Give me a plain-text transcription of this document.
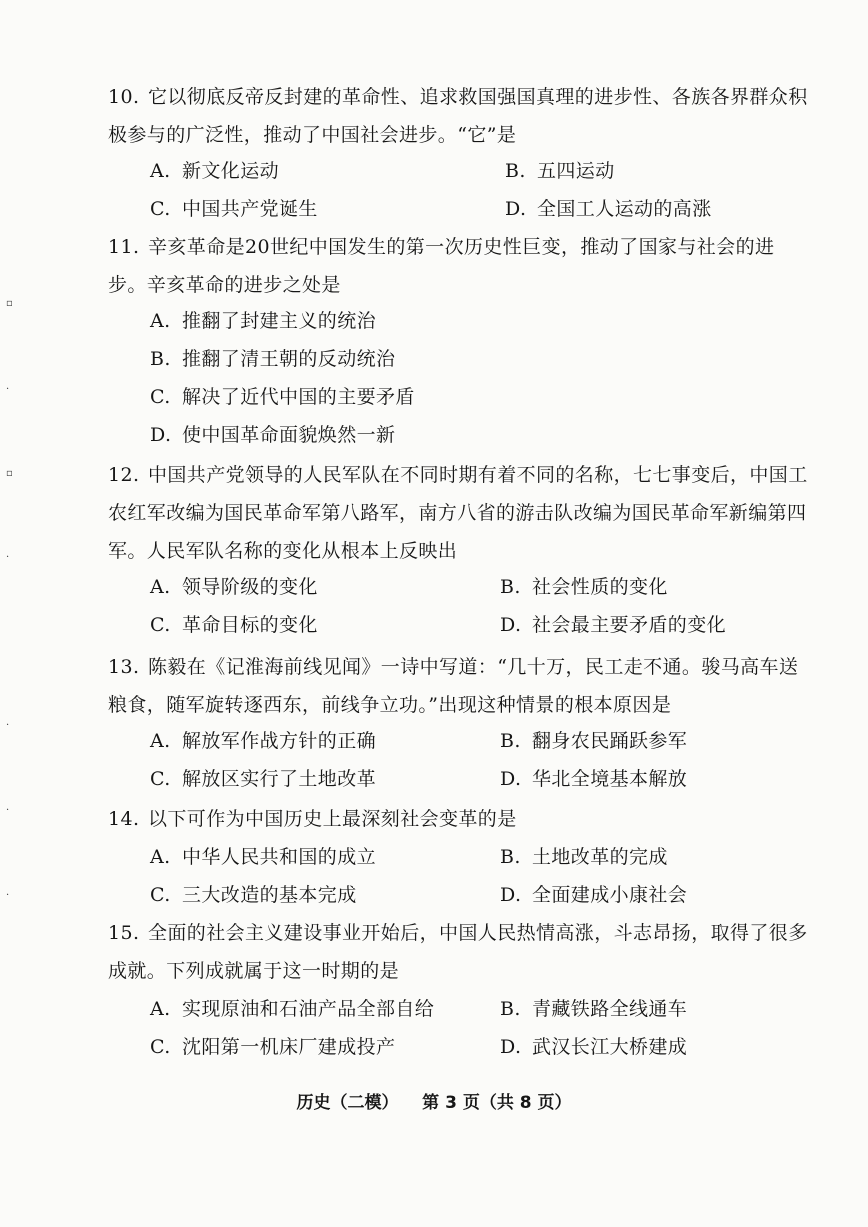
10. 它以彻底反帝反封建的革命性、追求救国强国真理的进步性、各族各界群众积极参与的广泛性，推动了中国社会进步。“它”是
A. 新文化运动	B. 五四运动
C. 中国共产党诞生	D. 全国工人运动的高涨
11. 辛亥革命是20世纪中国发生的第一次历史性巨变，推动了国家与社会的进步。辛亥革命的进步之处是
A. 推翻了封建主义的统治
B. 推翻了清王朝的反动统治
C. 解决了近代中国的主要矛盾
D. 使中国革命面貌焕然一新
12. 中国共产党领导的人民军队在不同时期有着不同的名称，七七事变后，中国工农红军改编为国民革命军第八路军，南方八省的游击队改编为国民革命军新编第四军。人民军队名称的变化从根本上反映出
A. 领导阶级的变化	B. 社会性质的变化
C. 革命目标的变化	D. 社会最主要矛盾的变化
13. 陈毅在《记淮海前线见闻》一诗中写道：“几十万，民工走不通。骏马高车送粮食，随军旋转逐西东，前线争立功。”出现这种情景的根本原因是
A. 解放军作战方针的正确	B. 翻身农民踊跃参军
C. 解放区实行了土地改革	D. 华北全境基本解放
14. 以下可作为中国历史上最深刻社会变革的是
A. 中华人民共和国的成立	B. 土地改革的完成
C. 三大改造的基本完成	D. 全面建成小康社会
15. 全面的社会主义建设事业开始后，中国人民热情高涨，斗志昂扬，取得了很多成就。下列成就属于这一时期的是
A. 实现原油和石油产品全部自给	B. 青藏铁路全线通车
C. 沈阳第一机床厂建成投产	D. 武汉长江大桥建成
历史（二模） 第 3 页（共 8 页）
▫
·
▫
·
·
·
·
